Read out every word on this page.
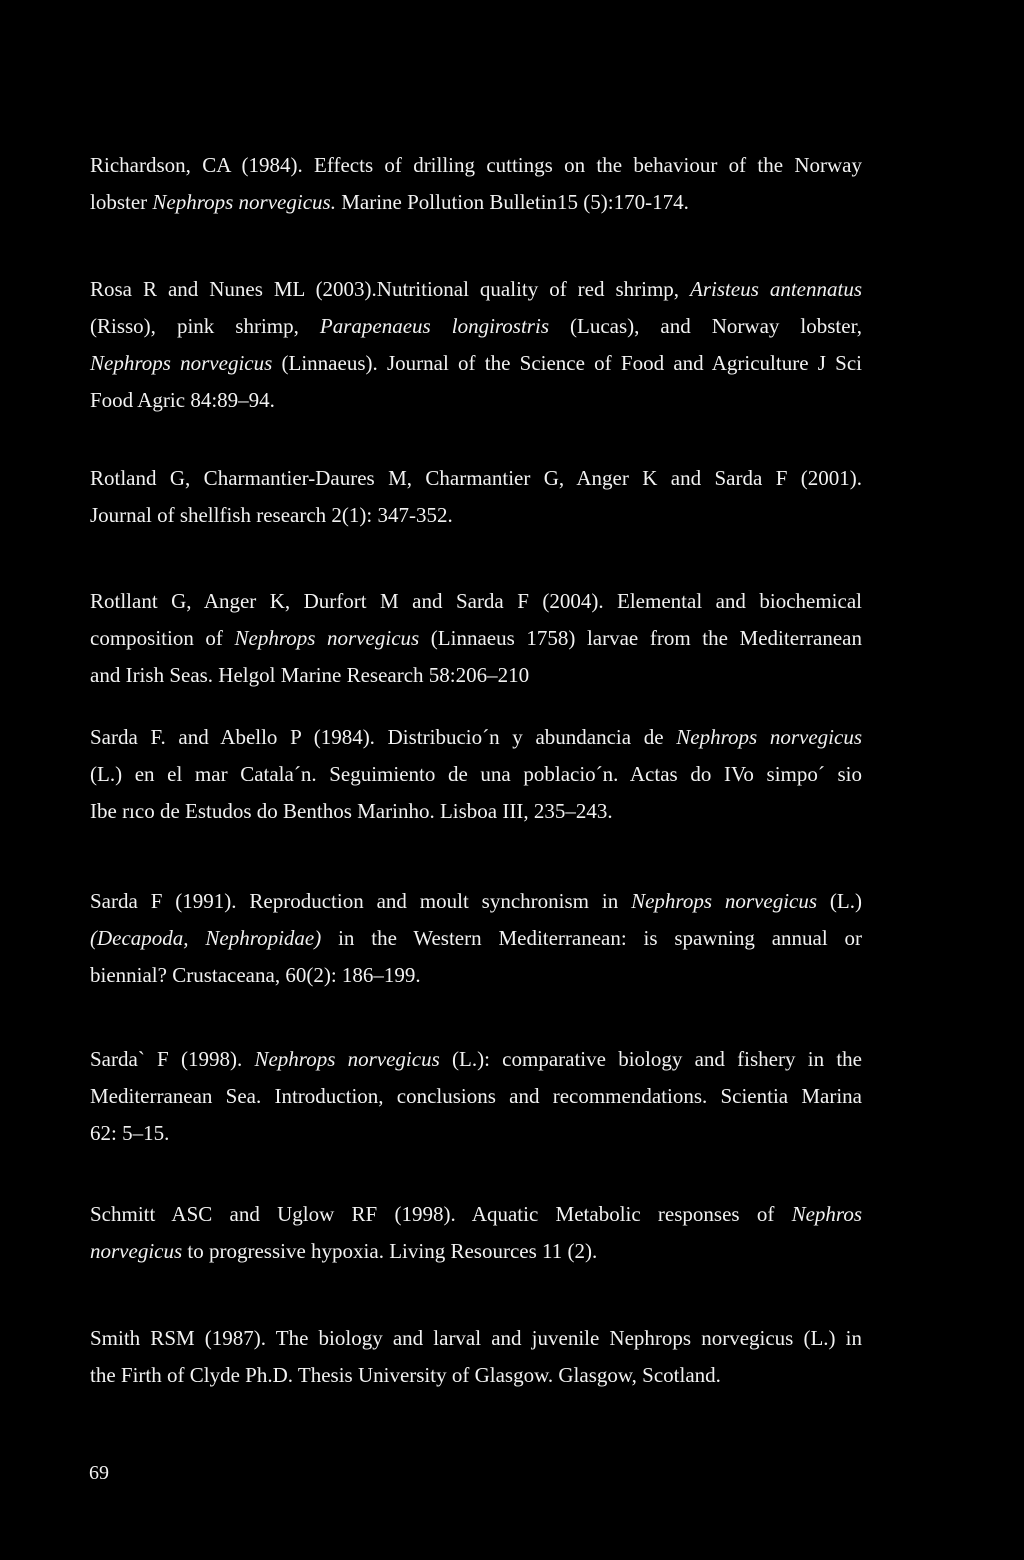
Richardson, CA (1984). Effects of drilling cuttings on the behaviour of the Norway
lobster Nephrops norvegicus. Marine Pollution Bulletin15 (5):170-174.
Rosa R and Nunes ML (2003).Nutritional quality of red shrimp, Aristeus antennatus
(Risso), pink shrimp, Parapenaeus longirostris (Lucas), and Norway lobster,
Nephrops norvegicus (Linnaeus). Journal of the Science of Food and Agriculture J Sci
Food Agric 84:89–94.
Rotland G, Charmantier-Daures M, Charmantier G, Anger K and Sarda F (2001).
Journal of shellfish research 2(1): 347-352.
Rotllant G, Anger K, Durfort M and Sarda F (2004). Elemental and biochemical
composition of Nephrops norvegicus (Linnaeus 1758) larvae from the Mediterranean
and Irish Seas. Helgol Marine Research 58:206–210
Sarda F. and Abello P (1984). Distribucio´n y abundancia de Nephrops norvegicus
(L.) en el mar Catala´n. Seguimiento de una poblacio´n. Actas do IVo simpo´ sio
Ibe rıco de Estudos do Benthos Marinho. Lisboa III, 235–243.
Sarda F (1991). Reproduction and moult synchronism in Nephrops norvegicus (L.)
(Decapoda, Nephropidae) in the Western Mediterranean: is spawning annual or
biennial? Crustaceana, 60(2): 186–199.
Sarda` F (1998). Nephrops norvegicus (L.): comparative biology and fishery in the
Mediterranean Sea. Introduction, conclusions and recommendations. Scientia Marina
62: 5–15.
Schmitt ASC and Uglow RF (1998). Aquatic Metabolic responses of Nephros
norvegicus to progressive hypoxia. Living Resources 11 (2).
Smith RSM (1987). The biology and larval and juvenile Nephrops norvegicus (L.) in
the Firth of Clyde Ph.D. Thesis University of Glasgow. Glasgow, Scotland.
69
